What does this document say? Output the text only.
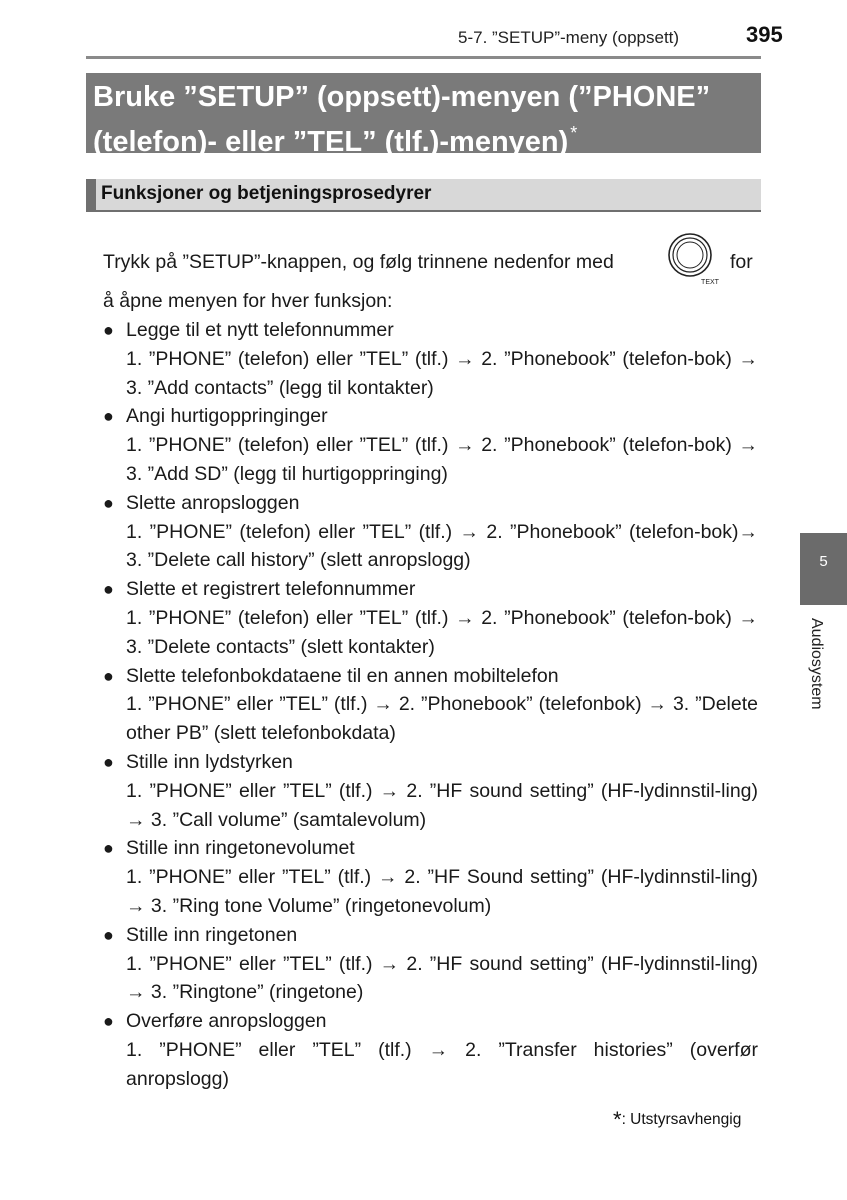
5-7. ”SETUP”-meny (oppsett)	395
Bruke ”SETUP” (oppsett)-menyen (”PHONE”
(telefon)- eller ”TEL” (tlf.)-menyen) *
Funksjoner og betjeningsprosedyrer
Trykk på ”SETUP”-knappen, og følg trinnene nedenfor med
TEXT
for
å åpne menyen for hver funksjon:
● Legge til et nytt telefonnummer
1. ”PHONE” (telefon) eller ”TEL” (tlf.) → 2. ”Phonebook” (telefon-bok) → 3. ”Add contacts” (legg til kontakter)
● Angi hurtigoppringinger
1. ”PHONE” (telefon) eller ”TEL” (tlf.) → 2. ”Phonebook” (telefon-bok) → 3. ”Add SD” (legg til hurtigoppringing)
● Slette anropsloggen
1. ”PHONE” (telefon) eller ”TEL” (tlf.) → 2. ”Phonebook” (telefon-bok)→ 3. ”Delete call history” (slett anropslogg)
● Slette et registrert telefonnummer
1. ”PHONE” (telefon) eller ”TEL” (tlf.) → 2. ”Phonebook” (telefon-bok) → 3. ”Delete contacts” (slett kontakter)
● Slette telefonbokdataene til en annen mobiltelefon
1. ”PHONE” eller ”TEL” (tlf.) → 2. ”Phonebook” (telefonbok) → 3. ”Delete other PB” (slett telefonbokdata)
● Stille inn lydstyrken
1. ”PHONE” eller ”TEL” (tlf.) → 2. ”HF sound setting” (HF-lydinnstil-ling) → 3. ”Call volume” (samtalevolum)
● Stille inn ringetonevolumet
1. ”PHONE” eller ”TEL” (tlf.) → 2. ”HF Sound setting” (HF-lydinnstil-ling) → 3. ”Ring tone Volume” (ringetonevolum)
● Stille inn ringetonen
1. ”PHONE” eller ”TEL” (tlf.) → 2. ”HF sound setting” (HF-lydinnstil-ling) → 3. ”Ringtone” (ringetone)
● Overføre anropsloggen
1. ”PHONE” eller ”TEL” (tlf.) → 2. ”Transfer histories” (overfør anropslogg)
*: Utstyrsavhengig
5
Audiosystem
